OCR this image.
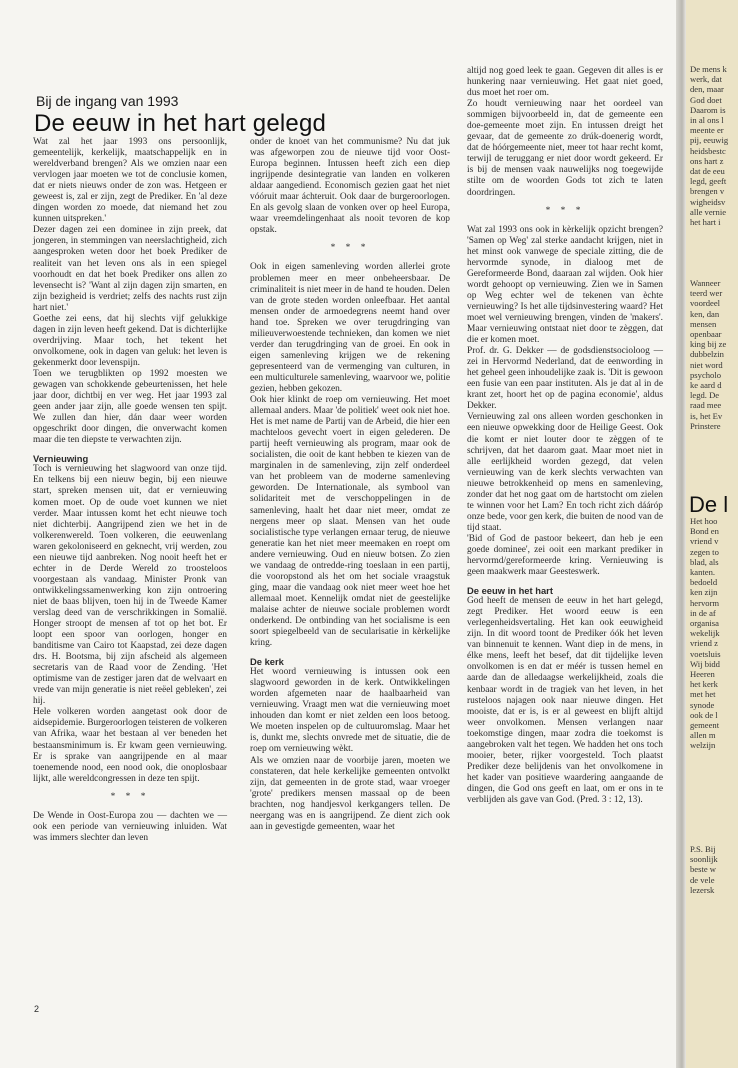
Bij de ingang van 1993
De eeuw in het hart gelegd

Wat zal het jaar 1993 ons persoonlijk, gemeentelijk, kerkelijk, maatschappelijk en in wereldverband brengen? Als we omzien naar een vervlogen jaar moeten we tot de conclusie komen, dat er niets nieuws onder de zon was. Hetgeen er geweest is, zal er zijn, zegt de Prediker. En 'al deze dingen worden zo moede, dat niemand het zou kunnen uitspreken.'

Dezer dagen zei een dominee in zijn preek, dat jongeren, in stemmingen van neerslachtigheid, zich aangesproken weten door het boek Prediker de realiteit van het leven ons als in een spiegel voorhoudt en dat het boek Prediker ons allen zo levensecht is? 'Want al zijn dagen zijn smarten, en zijn bezigheid is verdriet; zelfs des nachts rust zijn hart niet.'

Goethe zei eens, dat hij slechts vijf gelukkige dagen in zijn leven heeft gekend. Dat is dichterlijke overdrijving. Maar toch, het tekent het onvolkomene, ook in dagen van geluk: het leven is gekenmerkt door levenspijn.

Toen we terugblikten op 1992 moesten we gewagen van schokkende gebeurtenissen, het hele jaar door, dichtbij en ver weg. Het jaar 1993 zal geen ander jaar zijn, alle goede wensen ten spijt. We zullen dan hier, dán daar weer worden opgeschrikt door dingen, die onverwacht komen maar die ten diepste te verwachten zijn.

Vernieuwing

Toch is vernieuwing het slagwoord van onze tijd. En telkens bij een nieuw begin, bij een nieuwe start, spreken mensen uit, dat er vernieuwing komen moet. Op de oude voet kunnen we niet verder. Maar intussen komt het echt nieuwe toch niet dichterbij. Aangrijpend zien we het in de volkerenwereld. Toen volkeren, die eeuwenlang waren gekoloniseerd en geknecht, vrij werden, zou een nieuwe tijd aanbreken. Nog nooit heeft het er echter in de Derde Wereld zo troosteloos voorgestaan als vandaag. Minister Pronk van ontwikkelingssamenwerking kon zijn ontroering niet de baas blijven, toen hij in de Tweede Kamer verslag deed van de verschrikkingen in Somalië. Honger stroopt de mensen af tot op het bot. Er loopt een spoor van oorlogen, honger en banditisme van Cairo tot Kaapstad, zei deze dagen drs. H. Bootsma, bij zijn afscheid als algemeen secretaris van de Raad voor de Zending. 'Het optimisme van de zestiger jaren dat de welvaart en vrede van mijn generatie is niet reëel gebleken', zei hij.

Hele volkeren worden aangetast ook door de aidsepidemie. Burgeroorlogen teisteren de volkeren van Afrika, waar het bestaan al ver beneden het bestaansminimum is. Er kwam geen vernieuwing. Er is sprake van aangrijpende en al maar toenemende nood, een nood ook, die onoplosbaar lijkt, alle wereldcongressen in deze ten spijt.

* * *

De Wende in Oost-Europa zou — dachten we — ook een periode van vernieuwing inluiden. Wat was immers slechter dan leven

onder de knoet van het communisme? Nu dat juk was afgeworpen zou de nieuwe tijd voor Oost-Europa beginnen. Intussen heeft zich een diep ingrijpende desintegratie van landen en volkeren aldaar aangediend. Economisch gezien gaat het niet vóóruit maar áchteruit. Ook daar de burgeroorlogen. En als gevolg slaan de vonken over op heel Europa, waar vreemdelingenhaat als nooit tevoren de kop opstak.

* * *

Ook in eigen samenleving worden allerlei grote problemen meer en meer onbeheersbaar. De criminaliteit is niet meer in de hand te houden. Delen van de grote steden worden onleefbaar. Het aantal mensen onder de armoedegrens neemt hand over hand toe. Spreken we over terugdringing van milieuverwoestende technieken, dan komen we niet verder dan terugdringing van de groei. En ook in eigen samenleving krijgen we de rekening gepresenteerd van de vermenging van culturen, in een multiculturele samenleving, waarvoor we, politie gezien, hebben gekozen.

Ook hier klinkt de roep om vernieuwing. Het moet allemaal anders. Maar 'de politiek' weet ook niet hoe. Het is met name de Partij van de Arbeid, die hier een machteloos gevecht voert in eigen gelederen. De partij heeft vernieuwing als program, maar ook de socialisten, die ooit de kant hebben te kiezen van de marginalen in de samenleving, zijn zelf onderdeel van het probleem van de moderne samenleving geworden. De Internationale, als symbool van solidariteit met de verschoppelingen in de samenleving, haalt het daar niet meer, omdat ze nergens meer op slaat. Mensen van het oude socialistische type verlangen ernaar terug, de nieuwe generatie kan het niet meer meemaken en roept om andere vernieuwing. Oud en nieuw botsen. Zo zien we vandaag de ontredde-ring toeslaan in een partij, die vooropstond als het om het sociale vraagstuk ging, maar die vandaag ook niet meer weet hoe het allemaal moet. Kennelijk omdat niet de geestelijke malaise achter de nieuwe sociale problemen wordt onderkend. De ontbinding van het socialisme is een soort spiegelbeeld van de secularisatie in kèrkelijke kring.

De kerk

Het woord vernieuwing is intussen ook een slagwoord geworden in de kerk. Ontwikkelingen worden afgemeten naar de haalbaarheid van vernieuwing. Vraagt men wat die vernieuwing moet inhouden dan komt er niet zelden een loos betoog. We moeten inspelen op de cultuuromslag. Maar het is, dunkt me, slechts onvrede met de situatie, die de roep om vernieuwing wèkt.

Als we omzien naar de voorbije jaren, moeten we constateren, dat hele kerkelijke gemeenten ontvolkt zijn, dat gemeenten in de grote stad, waar vroeger 'grote' predikers mensen massaal op de been brachten, nog handjesvol kerkgangers tellen. De neergang was en is aangrijpend. Ze dient zich ook aan in gevestigde gemeenten, waar het

altijd nog goed leek te gaan. Gegeven dit alles is er hunkering naar vernieuwing. Het gaat niet goed, dus moet het roer om.

Zo houdt vernieuwing naar het oordeel van sommigen bijvoorbeeld in, dat de gemeente een doe-gemeente moet zijn. En intussen dreigt het gevaar, dat de gemeente zo drúk-doenerig wordt, dat de hóórgemeente niet, meer tot haar recht komt, terwijl de teruggang er niet door wordt gekeerd. Er is bij de mensen vaak nauwelijks nog toegewijde stilte om de woorden Gods tot zich te laten doordringen.

* * *

Wat zal 1993 ons ook in kèrkelijk opzicht brengen? 'Samen op Weg' zal sterke aandacht krijgen, niet in het minst ook vanwege de speciale zitting, die de hervormde synode, in dialoog met de Gereformeerde Bond, daaraan zal wijden. Ook hier wordt gehoopt op vernieuwing. Zien we in Samen op Weg echter wel de tekenen van èchte vernieuwing? Is het alle tijdsinvestering waard? Het moet wel vernieuwing brengen, vinden de 'makers'. Maar vernieuwing ontstaat niet door te zèggen, dat die er komen moet.

Prof. dr. G. Dekker — de godsdienstsocioloog — zei in Hervormd Nederland, dat de eenwording in het geheel geen inhoudelijke zaak is. 'Dit is gewoon een fusie van een paar instituten. Als je dat al in de krant zet, hoort het op de pagina economie', aldus Dekker.

Vernieuwing zal ons alleen worden geschonken in een nieuwe opwekking door de Heilige Geest. Ook die komt er niet louter door te zèggen of te schrijven, dat het daarom gaat. Maar moet niet in alle eerlijkheid worden gezegd, dat velen vernieuwing van de kerk slechts verwachten van nieuwe betrokkenheid op mens en samenleving, zonder dat het nog gaat om de hartstocht om zielen te winnen voor het Lam? En toch richt zich dááróp onze bede, voor gen kerk, die buiten de nood van de tijd staat.

'Bid of God de pastoor bekeert, dan heb je een goede dominee', zei ooit een markant prediker in hervormd/gereformeerde kring. Vernieuwing is geen maakwerk maar Geesteswerk.

De eeuw in het hart

God heeft de mensen de eeuw in het hart gelegd, zegt Prediker. Het woord eeuw is een verlegenheidsvertaling. Het kan ook eeuwigheid zijn. In dit woord toont de Prediker óók het leven van binnenuit te kennen. Want diep in de mens, in élke mens, leeft het besef, dat dit tijdelijke leven onvolkomen is en dat er méér is tussen hemel en aarde dan de alledaagse werkelijkheid, zoals die kenbaar wordt in de tragiek van het leven, in het rusteloos najagen ook naar nieuwe dingen. Het mooiste, dat er is, is er al geweest en blijft altijd weer onvolkomen. Mensen verlangen naar toekomstige dingen, maar zodra die toekomst is aangebroken valt het tegen. We hadden het ons toch mooier, beter, rijker voorgesteld. Toch plaatst Prediker deze belijdenis van het onvolkomene in het kader van positieve waardering aangaande de dingen, die God ons geeft en laat, om er ons in te verblijden als gave van God. (Pred. 3 : 12, 13).

2
De mens k
werk, dat
den, maar
God doet
Daarom is
in al ons l
meente er
pij, eeuwig
heidsbestc
ons hart z
dat de eeu
legd, geeft
brengen v
wigheidsv
alle vernie
het hart i
Wanneer
teerd wer
voordeel
ken, dan
mensen
openbaar
king bij ze
dubbelzin
niet word
psycholo
ke aard d
legd. De
raad mee
is, het Ev
Prinstere
De l
Het hoo
Bond en
vriend v
zegen to
blad, als
kanten.
bedoeld
ken zijn
hervorm
in de af
organisa
wekelijk
vriend z
voetsluis
Wij bidd
Heeren
het kerk
met het
synode
ook de l
gemeent
allen m
welzijn
P.S. Bij
soonlijk
beste w
de vele
lezersk
